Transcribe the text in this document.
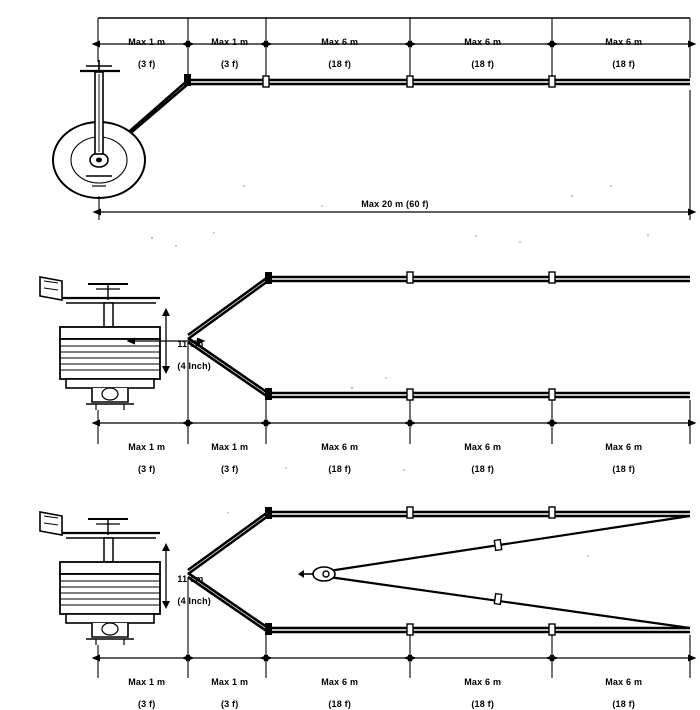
Max 1 m

(3 f)

Max 1 m

(3 f)

Max 6 m

(18 f)

Max 6 m

(18 f)

Max 6 m

(18 f)

Max 20 m (60 f)

11 cm

(4 Inch)

Max 1 m

(3 f)

Max 1 m

(3 f)

Max 6 m

(18 f)

Max 6 m

(18 f)

Max 6 m

(18 f)

11 cm

(4 Inch)

Max 1 m

(3 f)

Max 1 m

(3 f)

Max 6 m

(18 f)

Max 6 m

(18 f)

Max 6 m

(18 f)
